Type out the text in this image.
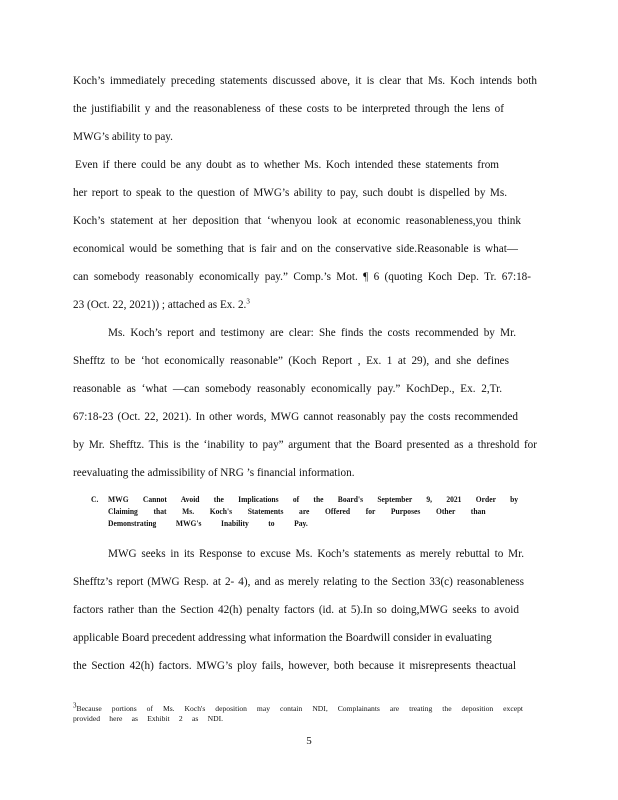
Koch’s immediately preceding statements discussed above, it is clear that Ms. Koch intends both
the justifiabilit y and the reasonableness of these costs to be interpreted through the lens of
MWG’s ability to pay.
Even if there could be any doubt as to whether Ms. Koch intended these statements from
her report to speak to the question of MWG’s ability to pay, such doubt is dispelled by Ms.
Koch’s statement at her deposition that ‘whenyou look at economic reasonableness,you think
economical would be something that is fair and on the conservative side.Reasonable is what—
can somebody reasonably economically pay.” Comp.’s Mot. ¶ 6 (quoting Koch Dep. Tr. 67:18-
23 (Oct. 22, 2021)) ; attached as Ex. 2.$^3$
Ms. Koch’s report and testimony are clear: She finds the costs recommended by Mr.
Shefftz to be ‘hot economically reasonable” (Koch Report , Ex. 1 at 29), and she defines
reasonable as ‘what —can somebody reasonably economically pay.” KochDep., Ex. 2,Tr.
67:18-23 (Oct. 22, 2021). In other words, MWG cannot reasonably pay the costs recommended
by Mr. Shefftz. This is the ‘inability to pay” argument that the Board presented as a threshold for
reevaluating the admissibility of NRG ’s financial information.
C. MWG Cannot Avoid the Implications of the Board's September 9, 2021 Order by
Claiming that Ms. Koch's Statements are Offered for Purposes Other than
Demonstrating MWG's Inability to Pay.
MWG seeks in its Response to excuse Ms. Koch’s statements as merely rebuttal to Mr.
Shefftz’s report (MWG Resp. at 2- 4), and as merely relating to the Section 33(c) reasonableness
factors rather than the Section 42(h) penalty factors (id. at 5).In so doing,MWG seeks to avoid
applicable Board precedent addressing what information the Boardwill consider in evaluating
the Section 42(h) factors. MWG’s ploy fails, however, both because it misrepresents theactual
3Because portions of Ms. Koch's deposition may contain NDI, Complainants are treating the deposition except
provided here as Exhibit 2 as NDI.
5
